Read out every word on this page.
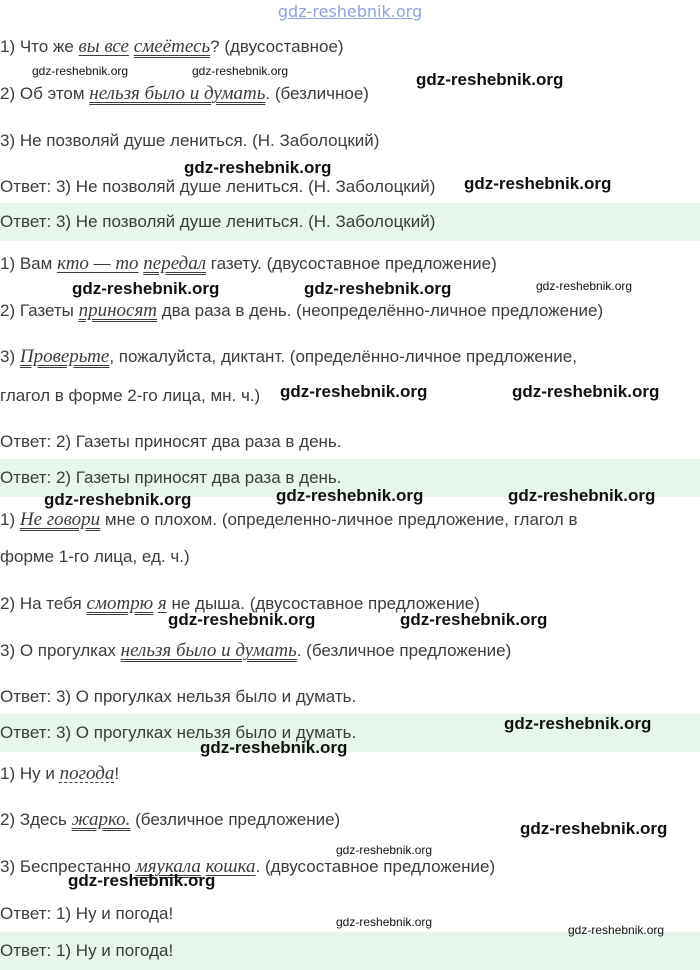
gdz-reshebnik.org
1) Что же вы все смеётесь? (двусоставное)
2) Об этом нельзя было и думать. (безличное)
3) Не позволяй душе лениться. (Н. Заболоцкий)
Ответ: 3) Не позволяй душе лениться. (Н. Заболоцкий)
Ответ: 3) Не позволяй душе лениться. (Н. Заболоцкий)
1) Вам кто — то передал газету. (двусоставное предложение)
2) Газеты приносят два раза в день. (неопределённо-личное предложение)
3) Проверьте, пожалуйста, диктант. (определённо-личное предложение,
глагол в форме 2-го лица, мн. ч.)
Ответ: 2) Газеты приносят два раза в день.
Ответ: 2) Газеты приносят два раза в день.
1) Не говори мне о плохом. (определенно-личное предложение, глагол в
форме 1-го лица, ед. ч.)
2) На тебя смотрю я не дыша. (двусоставное предложение)
3) О прогулках нельзя было и думать. (безличное предложение)
Ответ: 3) О прогулках нельзя было и думать.
Ответ: 3) О прогулках нельзя было и думать.
1) Ну и погода!
2) Здесь жарко. (безличное предложение)
3) Беспрестанно мяукала кошка. (двусоставное предложение)
Ответ: 1) Ну и погода!
Ответ: 1) Ну и погода!
gdz-reshebnik.org	gdz-reshebnik.org	gdz-reshebnik.org
gdz-reshebnik.org
gdz-reshebnik.org
gdz-reshebnik.org	gdz-reshebnik.org	gdz-reshebnik.org
gdz-reshebnik.org	gdz-reshebnik.org
gdz-reshebnik.org	gdz-reshebnik.org	gdz-reshebnik.org
gdz-reshebnik.org	gdz-reshebnik.org
gdz-reshebnik.org
gdz-reshebnik.org
gdz-reshebnik.org
gdz-reshebnik.org
gdz-reshebnik.org
gdz-reshebnik.org
gdz-reshebnik.org
